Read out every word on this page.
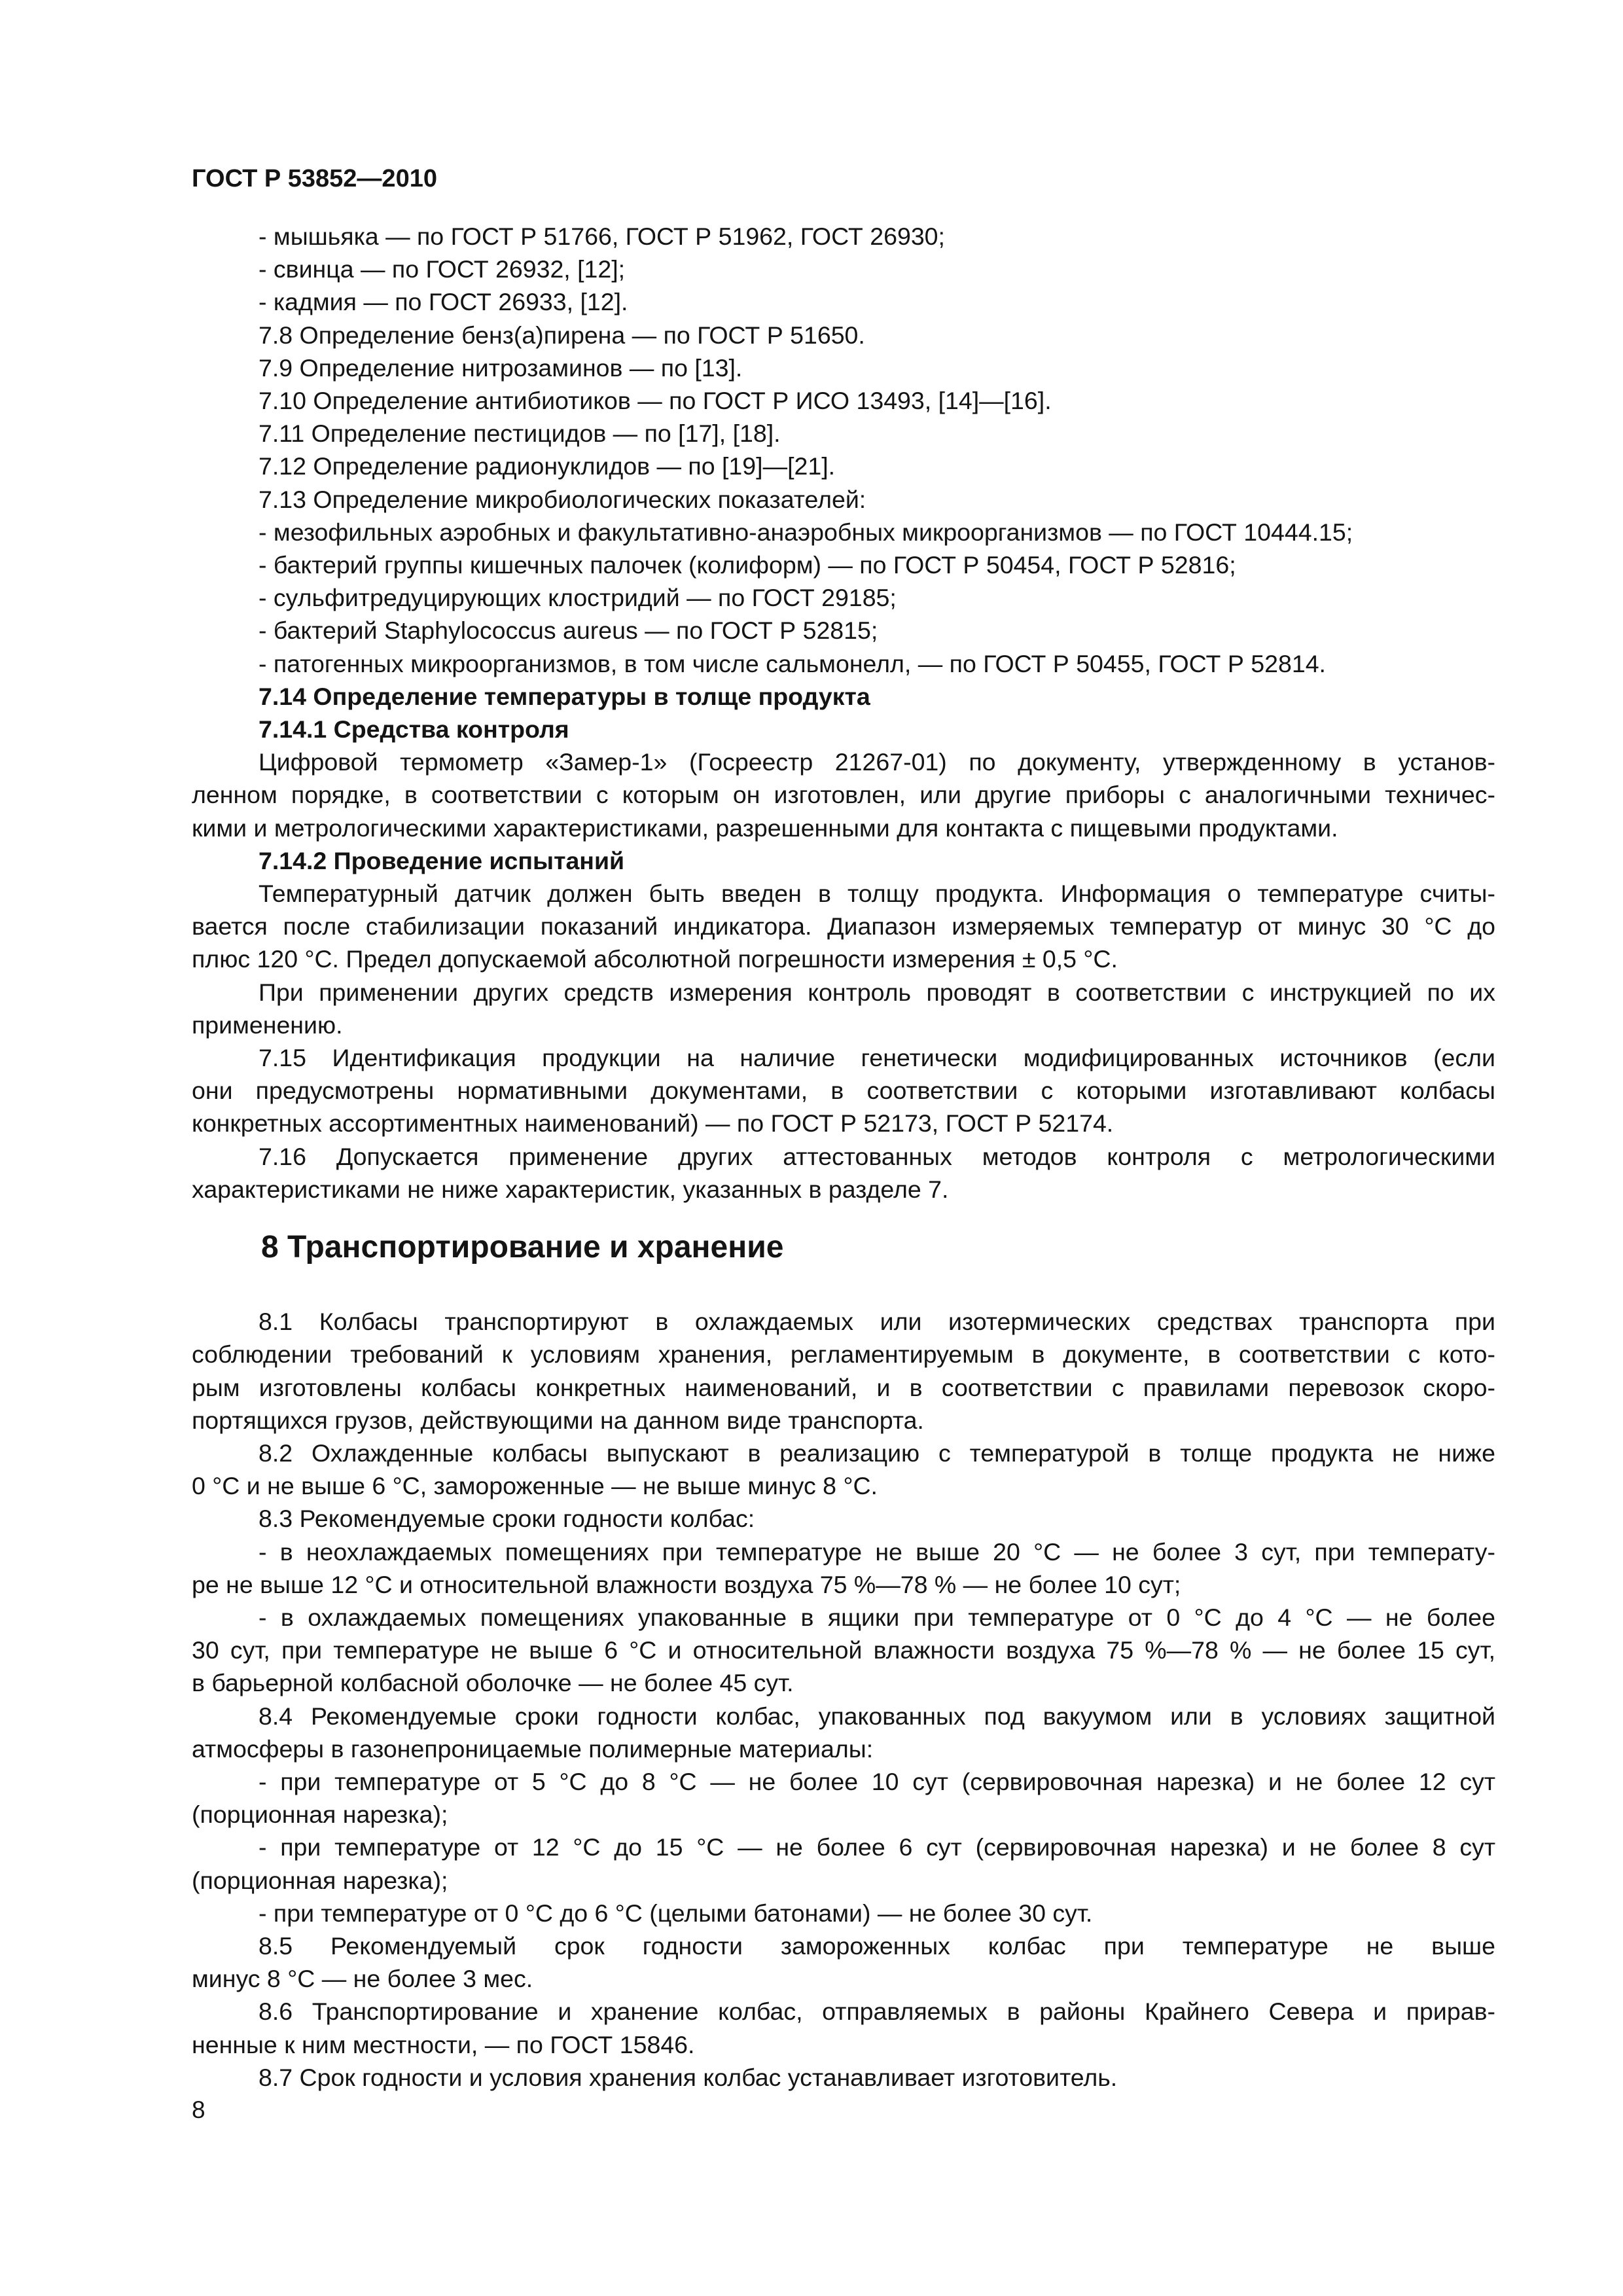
ГОСТ Р 53852—2010
- мышьяка — по ГОСТ Р 51766, ГОСТ Р 51962, ГОСТ 26930;
- свинца — по ГОСТ 26932, [12];
- кадмия — по ГОСТ 26933, [12].
7.8 Определение бенз(а)пирена — по ГОСТ Р 51650.
7.9 Определение нитрозаминов — по [13].
7.10 Определение антибиотиков — по ГОСТ Р ИСО 13493, [14]—[16].
7.11 Определение пестицидов — по [17], [18].
7.12 Определение радионуклидов — по [19]—[21].
7.13 Определение микробиологических показателей:
- мезофильных аэробных и факультативно-анаэробных микроорганизмов — по ГОСТ 10444.15;
- бактерий группы кишечных палочек (колиформ) — по ГОСТ Р 50454, ГОСТ Р 52816;
- сульфитредуцирующих клостридий — по ГОСТ 29185;
- бактерий Staphylococcus aureus — по ГОСТ Р 52815;
- патогенных микроорганизмов, в том числе сальмонелл, — по ГОСТ Р 50455, ГОСТ Р 52814.
7.14 Определение температуры в толще продукта
7.14.1 Средства контроля
Цифровой термометр «Замер-1» (Госреестр 21267-01) по документу, утвержденному в установ-
ленном порядке, в соответствии с которым он изготовлен, или другие приборы с аналогичными техничес-
кими и метрологическими характеристиками, разрешенными для контакта с пищевыми продуктами.
7.14.2 Проведение испытаний
Температурный датчик должен быть введен в толщу продукта. Информация о температуре считы-
вается после стабилизации показаний индикатора. Диапазон измеряемых температур от минус 30 °С до
плюс 120 °С. Предел допускаемой абсолютной погрешности измерения ± 0,5 °С.
При применении других средств измерения контроль проводят в соответствии с инструкцией по их
применению.
7.15 Идентификация продукции на наличие генетически модифицированных источников (если
они предусмотрены нормативными документами, в соответствии с которыми изготавливают колбасы
конкретных ассортиментных наименований) — по ГОСТ Р 52173, ГОСТ Р 52174.
7.16 Допускается применение других аттестованных методов контроля с метрологическими
характеристиками не ниже характеристик, указанных в разделе 7.
8 Транспортирование и хранение
8.1 Колбасы транспортируют в охлаждаемых или изотермических средствах транспорта при
соблюдении требований к условиям хранения, регламентируемым в документе, в соответствии с кото-
рым изготовлены колбасы конкретных наименований, и в соответствии с правилами перевозок скоро-
портящихся грузов, действующими на данном виде транспорта.
8.2 Охлажденные колбасы выпускают в реализацию с температурой в толще продукта не ниже
0 °С и не выше 6 °С, замороженные — не выше минус 8 °С.
8.3 Рекомендуемые сроки годности колбас:
- в неохлаждаемых помещениях при температуре не выше 20 °С — не более 3 сут, при температу-
ре не выше 12 °С и относительной влажности воздуха 75 %—78 % — не более 10 сут;
- в охлаждаемых помещениях упакованные в ящики при температуре от 0 °С до 4 °С — не более
30 сут, при температуре не выше 6 °С и относительной влажности воздуха 75 %—78 % — не более 15 сут,
в барьерной колбасной оболочке — не более 45 сут.
8.4 Рекомендуемые сроки годности колбас, упакованных под вакуумом или в условиях защитной
атмосферы в газонепроницаемые полимерные материалы:
- при температуре от 5 °С до 8 °С — не более 10 сут (сервировочная нарезка) и не более 12 сут
(порционная нарезка);
- при температуре от 12 °С до 15 °С — не более 6 сут (сервировочная нарезка) и не более 8 сут
(порционная нарезка);
- при температуре от 0 °С до 6 °С (целыми батонами) — не более 30 сут.
8.5 Рекомендуемый срок годности замороженных колбас при температуре не выше
минус 8 °С — не более 3 мес.
8.6 Транспортирование и хранение колбас, отправляемых в районы Крайнего Севера и прирав-
ненные к ним местности, — по ГОСТ 15846.
8.7 Срок годности и условия хранения колбас устанавливает изготовитель.
8
